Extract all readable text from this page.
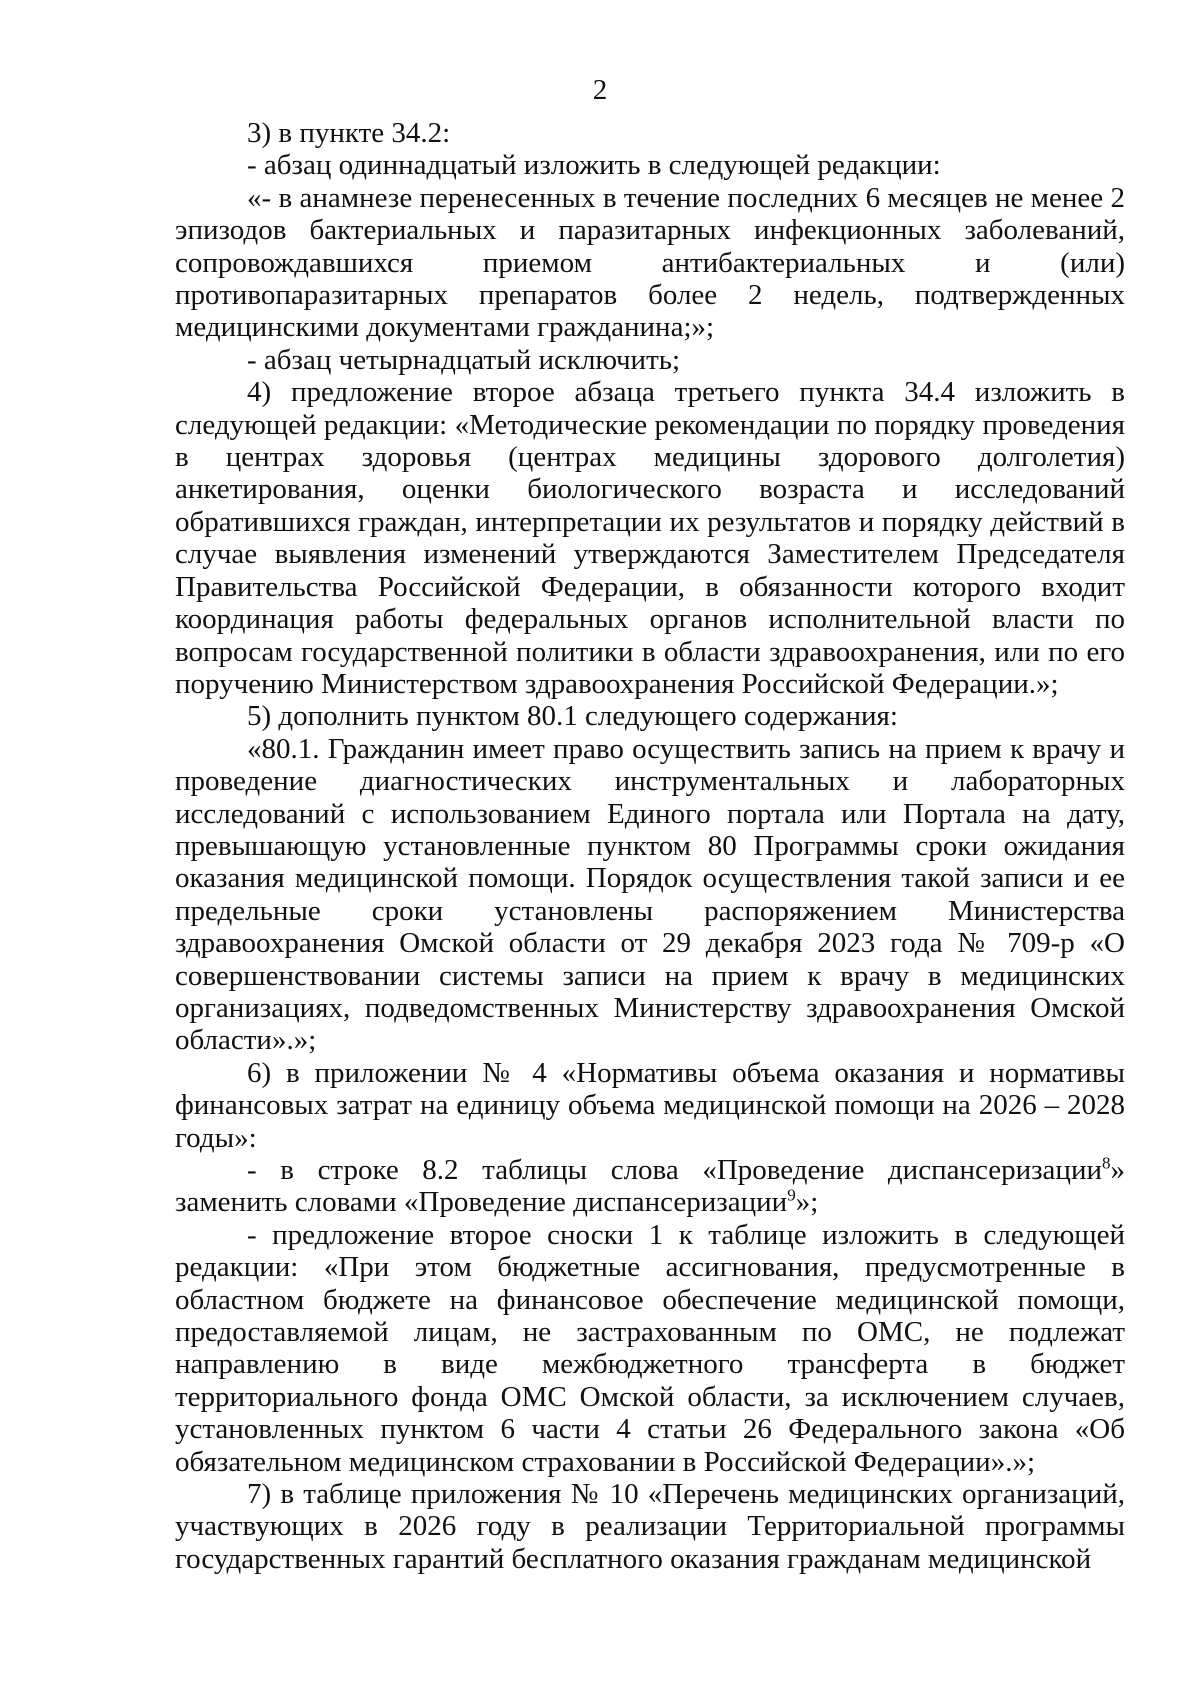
2

3) в пункте 34.2:

- абзац одиннадцатый изложить в следующей редакции:

«- в анамнезе перенесенных в течение последних 6 месяцев не менее 2 эпизодов бактериальных и паразитарных инфекционных заболеваний, сопровождавшихся приемом антибактериальных и (или) противопаразитарных препаратов более 2 недель, подтвержденных медицинскими документами гражданина;»;

- абзац четырнадцатый исключить;

4) предложение второе абзаца третьего пункта 34.4 изложить в следующей редакции: «Методические рекомендации по порядку проведения в центрах здоровья (центрах медицины здорового долголетия) анкетирования, оценки биологического возраста и исследований обратившихся граждан, интерпретации их результатов и порядку действий в случае выявления изменений утверждаются Заместителем Председателя Правительства Российской Федерации, в обязанности которого входит координация работы федеральных органов исполнительной власти по вопросам государственной политики в области здравоохранения, или по его поручению Министерством здравоохранения Российской Федерации.»;

5) дополнить пунктом 80.1 следующего содержания:

«80.1. Гражданин имеет право осуществить запись на прием к врачу и проведение диагностических инструментальных и лабораторных исследований с использованием Единого портала или Портала на дату, превышающую установленные пунктом 80 Программы сроки ожидания оказания медицинской помощи. Порядок осуществления такой записи и ее предельные сроки установлены распоряжением Министерства здравоохранения Омской области от 29 декабря 2023 года № 709-р «О совершенствовании системы записи на прием к врачу в медицинских организациях, подведомственных Министерству здравоохранения Омской области».»;

6) в приложении № 4 «Нормативы объема оказания и нормативы финансовых затрат на единицу объема медицинской помощи на 2026 – 2028 годы»:

- в строке 8.2 таблицы слова «Проведение диспансеризации$^8$» заменить словами «Проведение диспансеризации$^9$»;

- предложение второе сноски 1 к таблице изложить в следующей редакции: «При этом бюджетные ассигнования, предусмотренные в областном бюджете на финансовое обеспечение медицинской помощи, предоставляемой лицам, не застрахованным по ОМС, не подлежат направлению в виде межбюджетного трансферта в бюджет территориального фонда ОМС Омской области, за исключением случаев, установленных пунктом 6 части 4 статьи 26 Федерального закона «Об обязательном медицинском страховании в Российской Федерации».»;

7) в таблице приложения № 10 «Перечень медицинских организаций, участвующих в 2026 году в реализации Территориальной программы государственных гарантий бесплатного оказания гражданам медицинской
